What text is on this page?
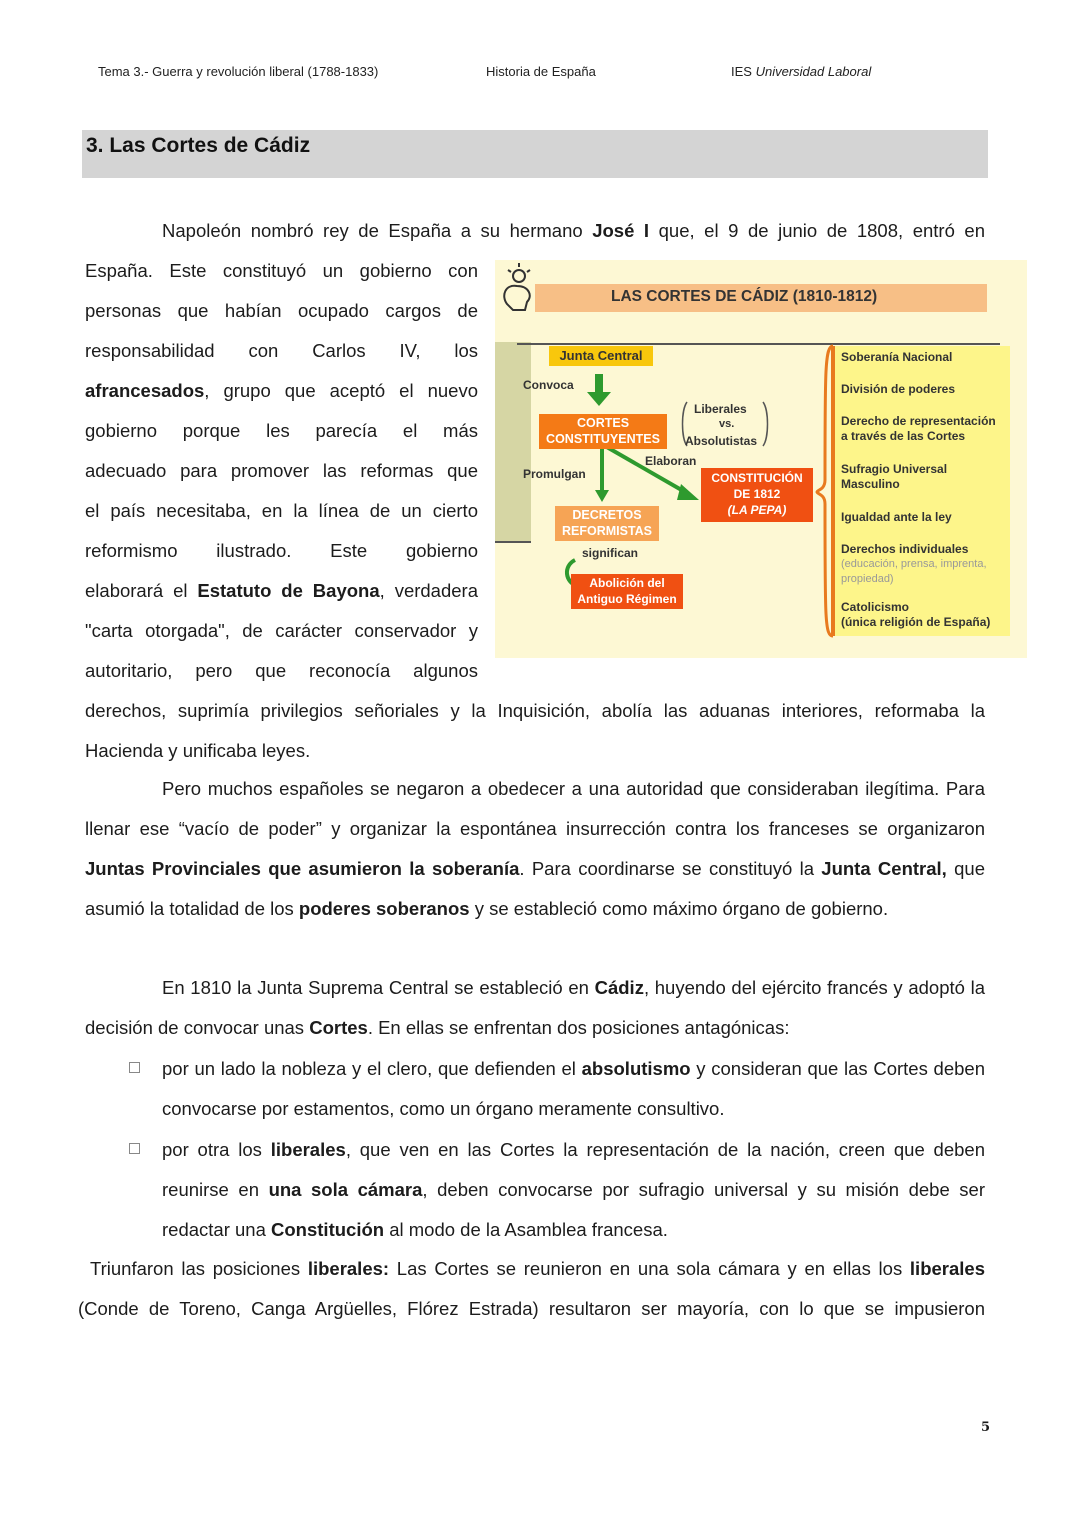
Tema 3.- Guerra y revolución liberal (1788-1833)	Historia de España	IES Universidad Laboral
3. Las Cortes de Cádiz
Napoleón nombró rey de España a su hermano José I que, el 9 de junio de 1808, entró en
España. Este constituyó un gobierno con
personas que habían ocupado cargos de
responsabilidad con Carlos IV, los
afrancesados, grupo que aceptó el nuevo
gobierno porque les parecía el más
adecuado para promover las reformas que
el país necesitaba, en la línea de un cierto
reformismo ilustrado. Este gobierno
elaborará el Estatuto de Bayona, verdadera
"carta otorgada", de carácter conservador y
autoritario, pero que reconocía algunos
derechos, suprimía privilegios señoriales y la Inquisición, abolía las aduanas interiores, reformaba la
Hacienda y unificaba leyes.

Pero muchos españoles se negaron a obedecer a una autoridad que consideraban ilegítima. Para llenar ese “vacío de poder” y organizar la espontánea insurrección contra los franceses se organizaron Juntas Provinciales que asumieron la soberanía. Para coordinarse se constituyó la Junta Central, que asumió la totalidad de los poderes soberanos y se estableció como máximo órgano de gobierno.

En 1810 la Junta Suprema Central se estableció en Cádiz, huyendo del ejército francés y adoptó la decisión de convocar unas Cortes. En ellas se enfrentan dos posiciones antagónicas:

por un lado la nobleza y el clero, que defienden el absolutismo y consideran que las Cortes deben convocarse por estamentos, como un órgano meramente consultivo.
por otra los liberales, que ven en las Cortes la representación de la nación, creen que deben reunirse en una sola cámara, deben convocarse por sufragio universal y su misión debe ser redactar una Constitución al modo de la Asamblea francesa.
Triunfaron las posiciones liberales: Las Cortes se reunieron en una sola cámara y en ellas los liberales
(Conde de Toreno, Canga Argüelles, Flórez Estrada) resultaron ser mayoría, con lo que se impusieron
LAS CORTES DE CÁDIZ (1810-1812)
Junta Central
Convoca
CORTES CONSTITUYENTES
Liberales
vs.
Absolutistas
Elaboran
Promulgan	CONSTITUCIÓN
DE 1812
(LA PEPA)
DECRETOS REFORMISTAS
significan
Abolición del Antiguo Régimen
Soberanía Nacional
División de poderes
Derecho de representación
a través de las Cortes
Sufragio Universal
Masculino
Igualdad ante la ley
Derechos individuales
(educación, prensa, imprenta,
propiedad)
Catolicismo
(única religión de España)
5
